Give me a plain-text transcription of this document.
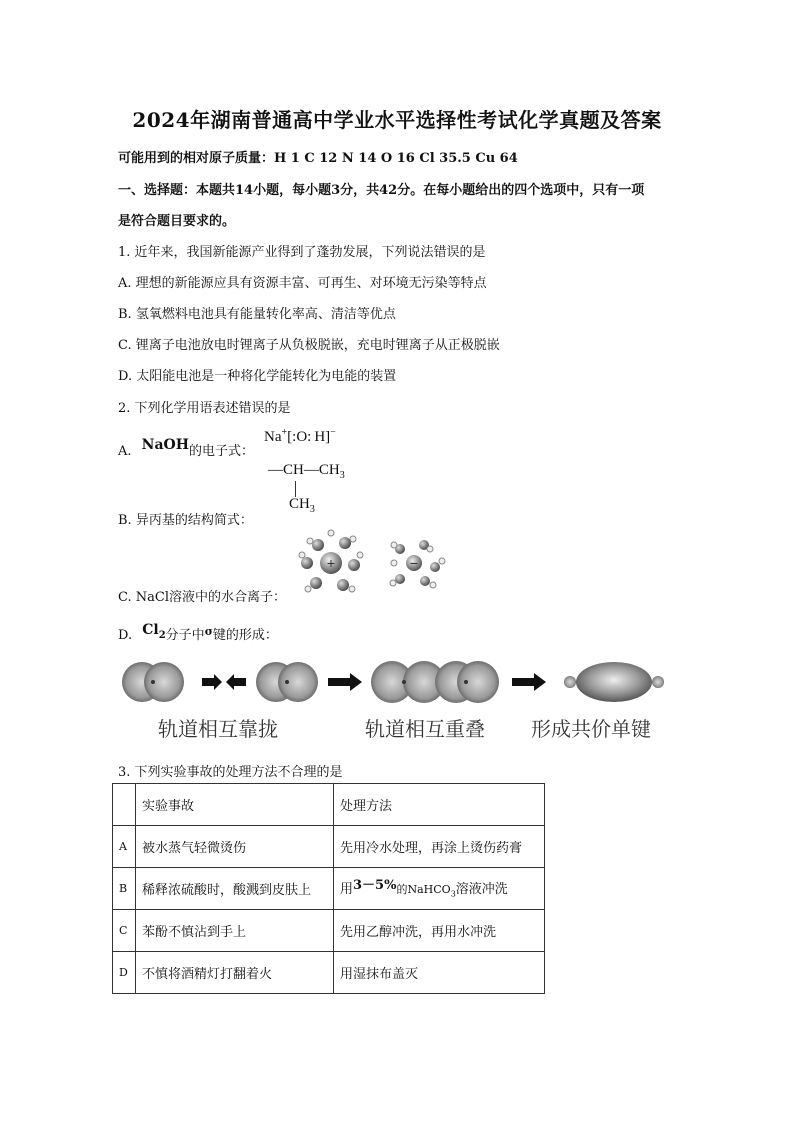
2024年湖南普通高中学业水平选择性考试化学真题及答案
可能用到的相对原子质量：H 1 C 12 N 14 O 16 Cl 35.5 Cu 64
一、选择题：本题共14小题，每小题3分，共42分。在每小题给出的四个选项中，只有一项
是符合题目要求的。
1. 近年来，我国新能源产业得到了蓬勃发展，下列说法错误的是
A. 理想的新能源应具有资源丰富、可再生、对环境无污染等特点
B. 氢氧燃料电池具有能量转化率高、清洁等优点
C. 锂离子电池放电时锂离子从负极脱嵌，充电时锂离子从正极脱嵌
D. 太阳能电池是一种将化学能转化为电能的装置
2. 下列化学用语表述错误的是
A. NaOH的电子式：
Na+[:O: H]−
$—CH—CH_3$
$CH_3$
B. 异丙基的结构简式：
+	−
C. NaCl溶液中的水合离子：
D. $Cl_2$分子中$^\sigma$键的形成：
轨道相互靠拢	轨道相互重叠 形成共价单键
3. 下列实验事故的处理方法不合理的是
	实验事故	处理方法
A	被水蒸气轻微烫伤	先用冷水处理，再涂上烫伤药膏
B	稀释浓硫酸时，酸溅到皮肤上	用3－5%的NaHCO$_3$溶液冲洗
C	苯酚不慎沾到手上	先用乙醇冲洗，再用水冲洗
D	不慎将酒精灯打翻着火	用湿抹布盖灭
